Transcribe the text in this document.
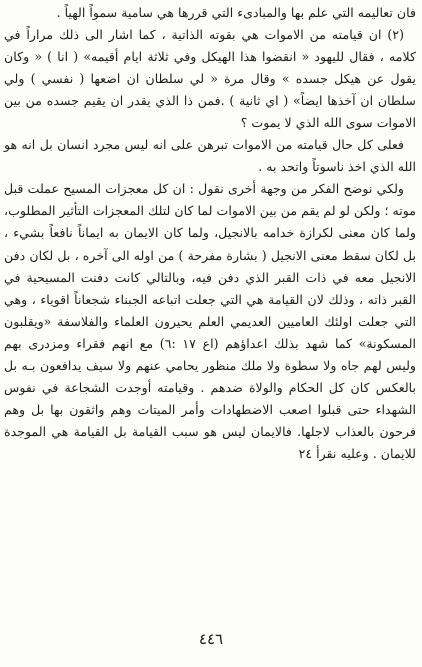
فان تعاليمه التي علم بها والمبادىء التي قررها هي سامية سمواً الهياً .

(٢) ان قيامته من الاموات هي بقوته الذاتية ، كما اشار الى ذلك مراراً في كلامه ، فقال لليهود « انقضوا هذا الهيكل وفي ثلاثة ايام أقيمه» ( انا ) « وكان يقول عن هيكل جسده » وقال مرة « لي سلطان ان اضعها ( نفسي ) ولي سلطان ان آخذها ايضاً» ( اي ثانية ) .فمن ذا الذي يقدر ان يقيم جسده من بين الاموات سوى الله الذي لا يموت ؟

فعلى كل حال قيامته من الاموات تبرهن على انه ليس مجرد انسان بل انه هو الله الذي اخذ ناسوتاً واتحد به .

ولكي نوضح الفكر من وجهة أخرى نقول : ان كل معجزات المسيح عملت قبل موته ؛ ولكن لو لم يقم من بين الاموات لما كان لتلك المعجزات التأثير المطلوب، ولما كان معنى لكرازة خدامه بالانجيل، ولما كان الايمان به ايماناً نافعاً بشيء ، بل لكان سقط معنى الانجيل ( بشارة مفرحة ) من اوله الى آخره ، بل لكان دفن الانجيل معه في ذات القبر الذي دفن فيه، وبالتالي كانت دفنت المسيحية في القبر ذاته ، وذلك لان القيامة هي التي جعلت اتباعه الجبناء شجعاناً اقوياء ، وهي التي جعلت اولئك العاميين العديمي العلم يحيرون العلماء والفلاسفة «ويقلبون المسكونة» كما شهد بذلك اعداؤهم (اع ١٧ :٦) مع انهم فقراء ومزدرى بهم وليس لهم جاه ولا سطوة ولا ملك منظور يحامي عنهم ولا سيف يدافعون بـه بل بالعكس كان كل الحكام والولاة ضدهم . وقيامته أوجدت الشجاعة في نفوس الشهداء حتى قبلوا اصعب الاضطهادات وأمر الميتات وهم واثقون بها بل وهم فرحون بالعذاب لاجلها. فالايمان ليس هو سبب القيامة بل القيامة هي الموجدة للايمان . وعليه نقرأ ٢٤

٤٤٦
